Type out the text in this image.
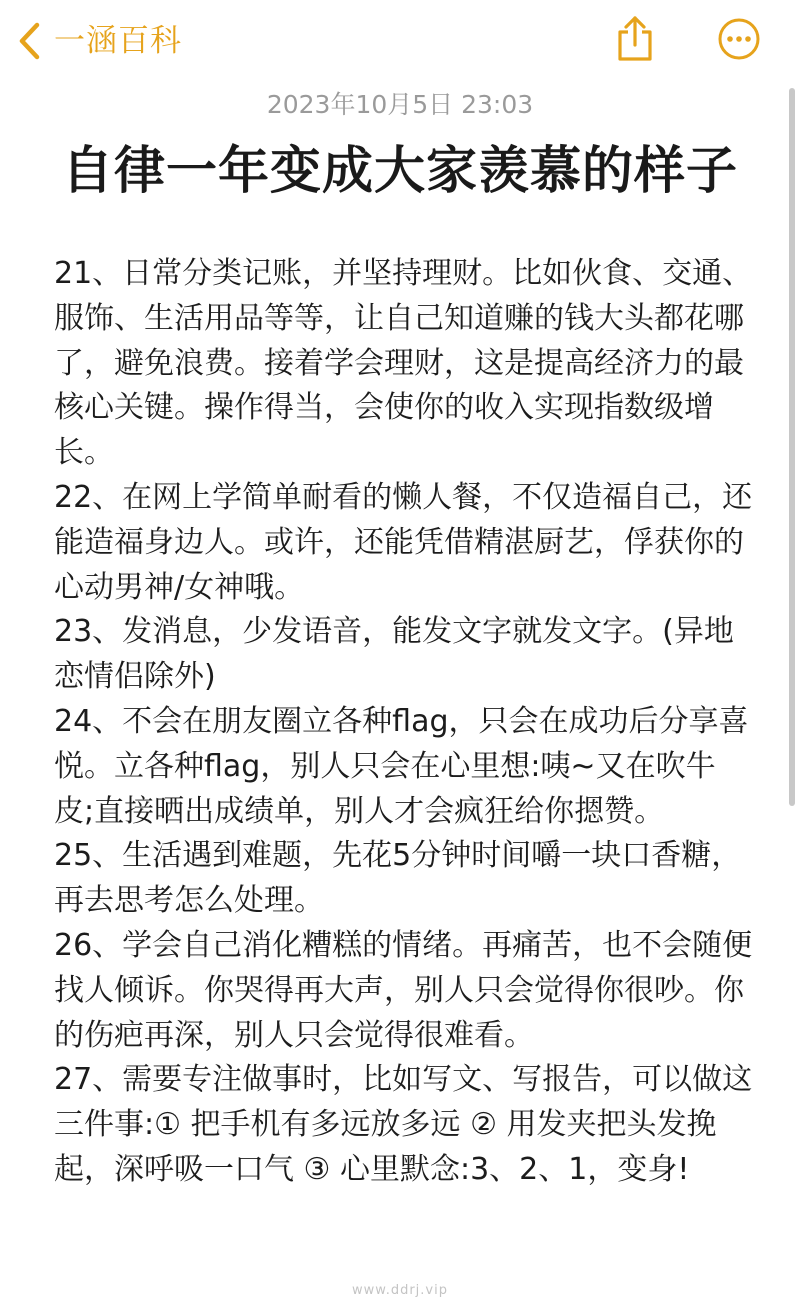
一涵百科
2023年10月5日 23:03
自律一年变成大家羡慕的样子

21、日常分类记账，并坚持理财。比如伙食、交通、服饰、生活用品等等，让自己知道赚的钱大头都花哪了，避免浪费。接着学会理财，这是提高经济力的最核心关键。操作得当，会使你的收入实现指数级增长。

22、在网上学简单耐看的懒人餐，不仅造福自己，还能造福身边人。或许，还能凭借精湛厨艺，俘获你的心动男神/女神哦。

23、发消息，少发语音，能发文字就发文字。(异地恋情侣除外)

24、不会在朋友圈立各种flag，只会在成功后分享喜悦。立各种flag，别人只会在心里想:咦~又在吹牛皮;直接晒出成绩单，别人才会疯狂给你摁赞。

25、生活遇到难题，先花5分钟时间嚼一块口香糖，再去思考怎么处理。

26、学会自己消化糟糕的情绪。再痛苦，也不会随便找人倾诉。你哭得再大声，别人只会觉得你很吵。你的伤疤再深，别人只会觉得很难看。

27、需要专注做事时，比如写文、写报告，可以做这三件事:① 把手机有多远放多远 ② 用发夹把头发挽起，深呼吸一口气 ③ 心里默念:3、2、1，变身!

www.ddrj.vip
